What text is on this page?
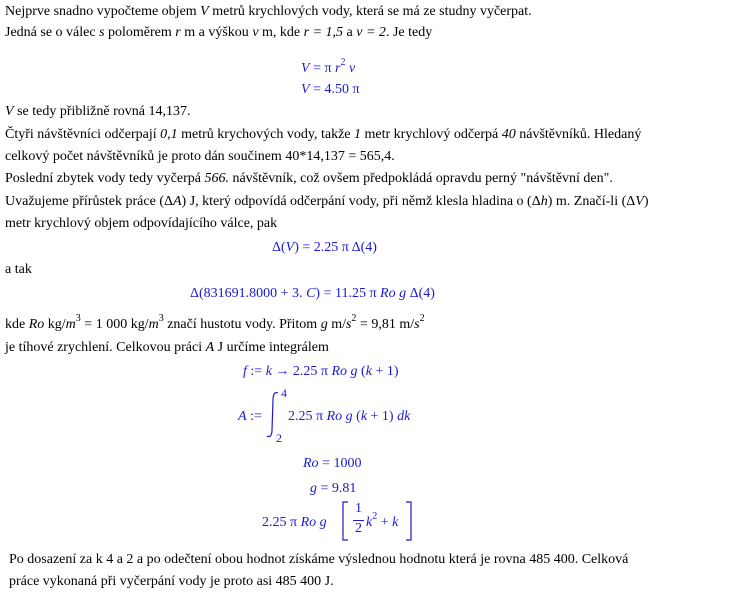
Nejprve snadno vypočteme objem V metrů krychlových vody, která se má ze studny vyčerpat.
Jedná se o válec s poloměrem r m a výškou v m, kde r = 1,5 a v = 2. Je tedy
V = π $r^2$ v
V = 4.50 π
V se tedy přibližně rovná 14,137.
Čtyři návštěvníci odčerpají 0,1 metrů krychových vody, takže 1 metr krychlový odčerpá 40 návštěvníků. Hledaný
celkový počet návštěvníků je proto dán součinem 40*14,137 = 565,4.
Poslední zbytek vody tedy vyčerpá 566. návštěvník, což ovšem předpokládá opravdu perný "návštěvní den".
Uvažujeme přírůstek práce (ΔA) J, který odpovídá odčerpání vody, při němž klesla hladina o (Δh) m. Značí-li (ΔV)
metr krychlový objem odpovídajícího válce, pak
Δ(V) = 2.25 π Δ(4)
a tak
Δ(831691.8000 + 3. C) = 11.25 π Ro g Δ(4)
kde Ro $kg/m^3 = 1$ 000 $kg/m^3$ značí hustotu vody. Přitom g $m/s^2 = 9,81$ $m/s^2$
je tíhové zrychlení. Celkovou práci A J určíme integrálem
f := k → 2.25 π Ro g (k + 1)
A :=
4
2
2.25 π Ro g (k + 1) dk
Ro = 1000
g = 9.81
2.25 π Ro g
1
2 $k^2 + k$
Po dosazení za k 4 a 2 a po odečtení obou hodnot získáme výslednou hodnotu která je rovna 485 400. Celková
práce vykonaná při vyčerpání vody je proto asi 485 400 J.
